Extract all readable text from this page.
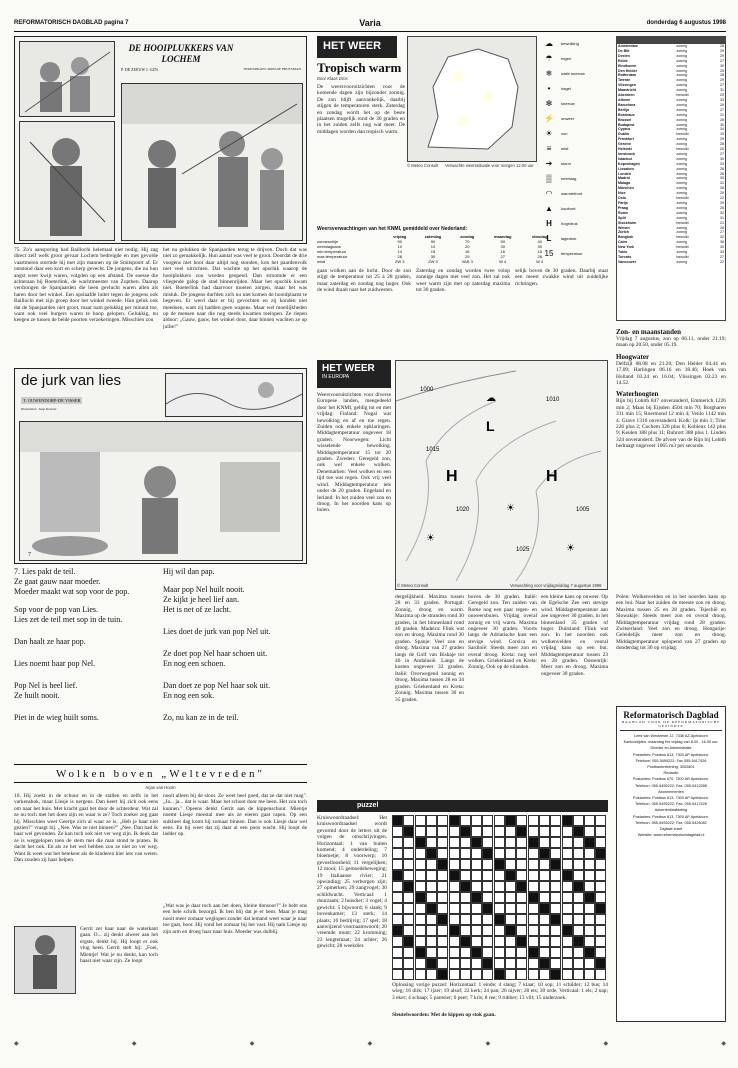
REFORMATORISCH DAGBLAD pagina 7	Varia	donderdag 6 augustus 1998
DE HOOIPLUKKERS VAN LOCHEM
P. DE ZEEUW J. GZN.	TEKENINGEN: ROELOF PRUTSMAN
75. Zo's aansporing had Baillochi helemaal niet nodig. Hij zag direct zelf welk groot gevaar Lochem bedreigde en met gevolde vaartmeren stormde hij met zijn mannen op de Smitspoort af. Er ontstond daar een kort en scherp gevecht. De jongens, die nu hun angst weer kwijt waren, volgden op een afstand. De soesse die achteraan bij Roeterlink, de wachtmeester van Zupthen. Daarop verdrongen de Spanjaarden die heen gevlucht waren allen als haren door het winkel. Een opslaafde luiter tegen de jongens ook Baillochi met zijn groep door het winkel tweede. Hun geluk ook dat de Spanjaarden niet groot, maar nam gelukkig per minuut toe, want ook veel burgers waren te hoop gelopen. Gelukkig, nu keegen ze tussen de beide poorten verzekeringen. Misschien zou
het nu gelukken de Spanjaarden terug te drijven. Doch dat was niet zo gemakkelijk. Hun aantal was veel te groot. Doordat de drie voogens niet hoot daar altijd nog stonden, kon het paardenvolk niet veel uitrichten. Dat wachtte op het opschik waarop de hooiplukkers zou worden geopend. Dan stroomde er een vliegende galop de stad binnenrijden. Maar het opschik kwam niet. Roeterlink had daarvoor moeten zorgen, maar het was misluk. De jongens durfden zich nu niet komen de hooidplaatst te begeven. Er werd daar er bij gevochten en zij konden niet meedoen, want zij hadden geen wapens. Maar wel moeilijkheden op de mensen naar die nog steeds kwamen toelopen. Ze riepen aldoor: „Gauw, gauw, het winkel door, daar binnen wachten ze op jullie!"
de jurk van lies
T. OUWENDORP-DE VISSER
Illustraties: Joop Kramer
7
7. Lies pakt de teil.
Ze gaat gauw naar moeder.
Moeder maakt wat sop voor de pop.
Sop voor de pop van Lies.
Lies zet de teil met sop in de tuin.
Dan haalt ze haar pop.
Lies noemt haar pop Nel.
Pop Nel is heel lief.
Ze huilt nooit.
Piet in de wieg huilt soms.
Hij wil dan pap.
Maar pop Nel huilt nooit.
Ze kijkt je heel lief aan.
Het is net of ze lacht.
Lies doet de jurk van pop Nel uit.
Ze doet pop Nel haar schoen uit.
En nog een schoen.
Dan doet ze pop Nel haar sok uit.
En nog een sok.
Zo, nu kan ze in de teil.
Wolken boven „Weltevreden"
Arjan van Hoorn
16. Hij zoekt in de schuur en in de stallen en zelfs in het varkenshok, maar Liesje is nergens. Dan keert hij zich ook eens om naar het huis. Met kracht gaat het door de achterdeur. Wat zal ze nu toch met het doen zijn en waar is ze? Toch zoeker zeg gaat hij. Misschien weet Geertje zich al waar ze is. „Heb je haar niet gezien?" vraagt hij. „Nee. Was ze niet binnen?" „Nee. Dan had ik haar wel gevonden. Ze kan toch ook niet ver weg zijn. Ik denk dat ze is weggelopen toen de stem met die man stond te praten. Ik dacht het ook. En als ze het wel hebben zou ze niet zo ver weg. Want ik weet wat het betekent als de kinderen hier iets van weten. Dan zouden zij haar helpen.
Gerrit zet haar naar de waterkant gaan. O... zij denkt alweer aan het ergste, denkt hij. Hij loopt er ook vlug heen. Gerrit stelt hij: „Foei, Mientje! Wat je nu denkt, kan toch haast niet waar zijn. Ze loopt
nooit alleen bij de sloot. Ze weet heel goed, dat ze dat niet mag". „Ja... ja... dat is waar. Maar het schoot door me heen. Het zou toch kunnen." Opeens denkt Gerrit aan de kippenschuur. Mientje noemt Liesje meestal mee als ze eieren gaat rapen. Op een snikheet dag komt hij zomaar binnen. Dan is ook Liesje daar wel eens. En hij weet dat zij daar al een poos wacht. Hij loopt de ladder op.
„Wat was je daar toch aan het doen, kleine donsoor?" Je hebt ons een hele schrik bezorgd. Ik ben blij dat je er bent. Maar je mag nooit meer zomaar weglopen zonder dat iemand weet waar je naar toe gaat, hoor. Hij vond het zomaar bij het vast. Hij nam Liesje op zijn arm en droeg haar naar huis. Moeder was dolblij.
HET WEER
Tropisch warm
Door Klaas Dros
De weersvooruitzichten voor de komende dagen zijn bijzonder zonnig. De zon blijft aanvankelijk, daarbij stijgen de temperaturen sterk. Zaterdag en zondag wordt het op de beste plaatsen mogelijk rond de 30 graden en in het zuiden zelfs nog wat meer. De middagen worden dan tropisch warm.
© Meteo Consult Verwachte weerssituatie voor morgen 12.00 uur
☁	bewolking
☂	regen
❄	natte sneeuw
•	hagel
✻	sneeuw
⚡	onweer
☀	zon
≡	mist
➔	storm
▒	neerslag
◠	warmtefront
▲	koufront
H	hogedruk
L	lagedruk
15	temperatuur
Weersverwachtingen van het KNMI, gemiddeld over Nederland:
	vrijdag	zaterdag	zondag	maandag	dinsdag
zonneschijn	90	90	70	50	40
neerslagkans	10	10	20	30	30
min.temperatuur	14	15	16	16	15
max.temperatuur	28	30	29	27	26
wind	ZW 3	ZW 3	VAR 3	W 4	W 4
gaan wolken aan de lucht. Door de zon stijgt de temperatuur tot 25 à 28 graden, maar zaterdag en zondag nog hoger. Ook de wind draait naar het zuidwesten.
Zaterdag en zondag worden twee volop zonnige dagen met veel zon. Het zal ook weer warm zijn met op zaterdag maxima tot 30 graden.
selijk boven de 30 graden. Daarbij staat een meest zwakke wind uit zuidelijke richtingen.
Amsterdam	zonnig	28
De Bilt	zonnig	29
Deelen	zonnig	29
Eelde	zonnig	27
Eindhoven	zonnig	30
Den Helder	zonnig	25
Rotterdam	zonnig	28
Twente	zonnig	29
Vlissingen	zonnig	27
Maastricht	zonnig	31
Aberdeen	bewolkt	20
Athene	zonnig	33
Barcelona	zonnig	29
Berlijn	zonnig	27
Bordeaux	zonnig	31
Brussel	zonnig	28
Budapest	zonnig	30
Cyprus	zonnig	34
Dublin	bewolkt	19
Frankfurt	zonnig	29
Genève	zonnig	28
Helsinki	bewolkt	20
Innsbruck	zonnig	27
Istanbul	zonnig	30
Kopenhagen	zonnig	23
Lissabon	zonnig	28
Londen	zonnig	26
Madrid	zonnig	35
Malaga	zonnig	31
München	zonnig	28
Nice	zonnig	29
Oslo	bewolkt	22
Parijs	zonnig	29
Praag	zonnig	26
Rome	zonnig	32
Split	zonnig	31
Stockholm	bewolkt	21
Wenen	zonnig	28
Zürich	zonnig	27
Bangkok	bewolkt	32
Cairo	zonnig	36
New York	bewolkt	30
Tokio	zonnig	33
Toronto	bewolkt	27
Vancouver	zonnig	22
HET WEER
IN EUROPA
Weersvooruitzichten voor diverse Europese landen, meegedeeld door het KNMI, geldig tot en met vrijdag: Finland: Nogal wat bewolking en af en toe regen. Zuiden ook enkele opklaringen. Middagtemperatuur ongeveer 18 graden. Noorwegen: Licht wisselende bewolking. Middagtemperatuur 15 tot 20 graden. Zweden: Geregeld zon, ook wel enkele wolken. Denemarken: Veel wolken en een tijd toe wat regen. Ook vrij veel wind. Middagtemperatuur iets onder de 20 graden. Engeland en Ierland: In het zuiden veel zon en droog. In het noorden kans op buien.
1000
1010
1015
1020
1025
1005
H	H
L
☀
☀
☀
☁
© Meteo Consult	Verwachting voor vrijdagmiddag 7 augustus 1998
dergelijkheid. Maxima tussen 28 en 33 graden. Portugal: Zonnig, droog en warm. Maxima op de stranden rond 30 graden, in het binnenland rond 40 graden. Madeira: Flink wat zon en droog. Maxima rond 30 graden. Spanje: Veel zon en droog. Maxima van 27 graden langs de Golf van Biskaje tot 40 in Andalusië. Langs de kusten ongeveer 32 graden. Italië: Overwegend zonnig en droog. Maxima tussen 28 en 34 graden. Griekenland en Kreta: Zonnig. Maxima tussen 30 en 35 graden.
boven de 30 graden. Italië: Geregeld zon. Ten zuiden van Rome nog een paar regen- en onweersbuien. Vrijdag overal zonnig en vrij warm. Maxima ongeveer 30 graden. Voorts langs de Adriatische kust een stevige wind. Corsica en Sardinië: Steeds meer zon en overal droog. Kreta: nog wel wolken. Griekenland en Kreta: Zonnig. Ook op de eilanden.
een kleine kans op onweer. Op de Egeïsche Zee een stevige wind. Middagtemperatuur aan zee ongeveer 30 graden, in het binnenland 35 graden of hoger. Duitsland: Flink wat zon. In het noorden ook wolkenvelden en vooral vrijdag kans op een bui. Middagtemperatuur tussen 23 en 28 graden. Oostenrijk: Meer zon en droog. Maxima ongeveer 30 graden.
Polen: Wolkenvelden en in het noorden kans op een bui. Naar het zuiden de meeste zon en droog. Maxima tussen 25 en 28 graden. Tsjechië en Slowakije: Steeds meer zon en overal droog. Middagtemperatuur vrijdag rond 28 graden. Zwitserland: Veel zon en droog. Hongarije: Geleidelijk meer zon en droog. Middagtemperatuur oplopend van 27 graden op donderdag tot 30 op vrijdag.
Zon- en maanstanden
Vrijdag 7 augustus, zon op 06.11, onder 21.19; maan op 20.50, onder 05.19.
Hoogwater
Delfzijl 08.08 en 21.20; Den Helder 04.44 en 17.09; Harlingen 06.16 en 18.46; Hoek van Holland 03.24 en 16.04; Vlissingen 02.23 en 14.52.
Waterhoogten
Rijn bij Lobith 847 onveranderd, Emmerich 1226 min 2; Maas bij Eijsden 4504 min 70; Borgharen 311 min 15; Roermond 12 min 4; Venlo 1142 min 4. Grave 1316 onveranderd. Kolk: ijs min 1; Trier 226 plus 2; Cochem 326 plus 6; Koblenz 142 plus 9; Keulen 188 plus 11; Ruhrort 388 plus 1. Linden 324 onveranderd. De afvoer van de Rijn bij Lobith bedraagt ongeveer 1065 m3 per seconde.
puzzel
Kruiswoordraadsel: Het kruiswoordraadsel wordt gevormd door de letters uit de volgen de omschrijvingen. Horizontaal: 1 van buiten komend; 4 onderdeling; 7 bloemetje; 8 voorwerp; 10 gevoelloosheid; 11 vergelijken; 12 mooi; 15 gemoedsbeweging; 19 Italiaanse rivier; 21 opwinding; 25 verborgen zijn; 27 opmerken; 29 zangvogel; 30 schildwacht. Verticaal: 1 duurzaam; 2 huisdier; 3 vogel; 4 gewicht; 5 bijwoord; 6 slank; 9 bovenkamer; 13 sterk; 14 plaats; 16 bedrijvig; 17 spel; 18 aanwijzend voornaamwoord; 20 vreemde munt; 22 kromming; 23 lengtemaat; 24 achter; 26 gewicht; 28 weekdier.
Oplossing vorige puzzel: Horizontaal: 1 einde; 4 slang; 7 klaar; 10 sop; 11 schilder; 12 bus; 14 wieg; 16 dirk; 17 ijzer; 19 alsof; 22 kerk; 24 pan; 26 nijver; 28 ets; 30 orde. Verticaal: 1 els; 2 nap; 3 eker; 4 schaap; 5 pantsier; 6 peer; 7 kris; 8 ree; 9 rubber; 13 vilt; 15 underzoek.
Sleutelwoorden: Met de kippen op stok gaan.
Reformatorisch Dagblad
DAGBLAD VOOR DE REFORMATORISCHE GEZINDTE
Lees van Westzeste 12, 7336 AZ Apeldoorn
Kantoortijden: maandag t/m vrijdag van 8.00 - 16.30 uur.
Directie en Administratie
Postadres: Postbus 613, 7300 AP Apeldoorn.
Telefoon: 055-5495222; Fax 055-5417426
Postbankrekening: 3002801
Redactie
Postadres: Postbus 670, 7300 AR Apeldoorn.
Telefoon: 055-5495222; Fax: 055-5412288
Abonnementen
Postadres: Postbus 613, 7300 AP Apeldoorn.
Telefoon: 055-5495222; Fax: 055-5417426
Advertentieafdeling
Postadres: Postbus 613, 7300 AP Apeldoorn.
Telefoon: 055-5495222; Fax: 055-5424082
Digitale krant
Website: www.reformatorischdagblad.nl
◆	◆	◆	◆	◆	◆	◆
